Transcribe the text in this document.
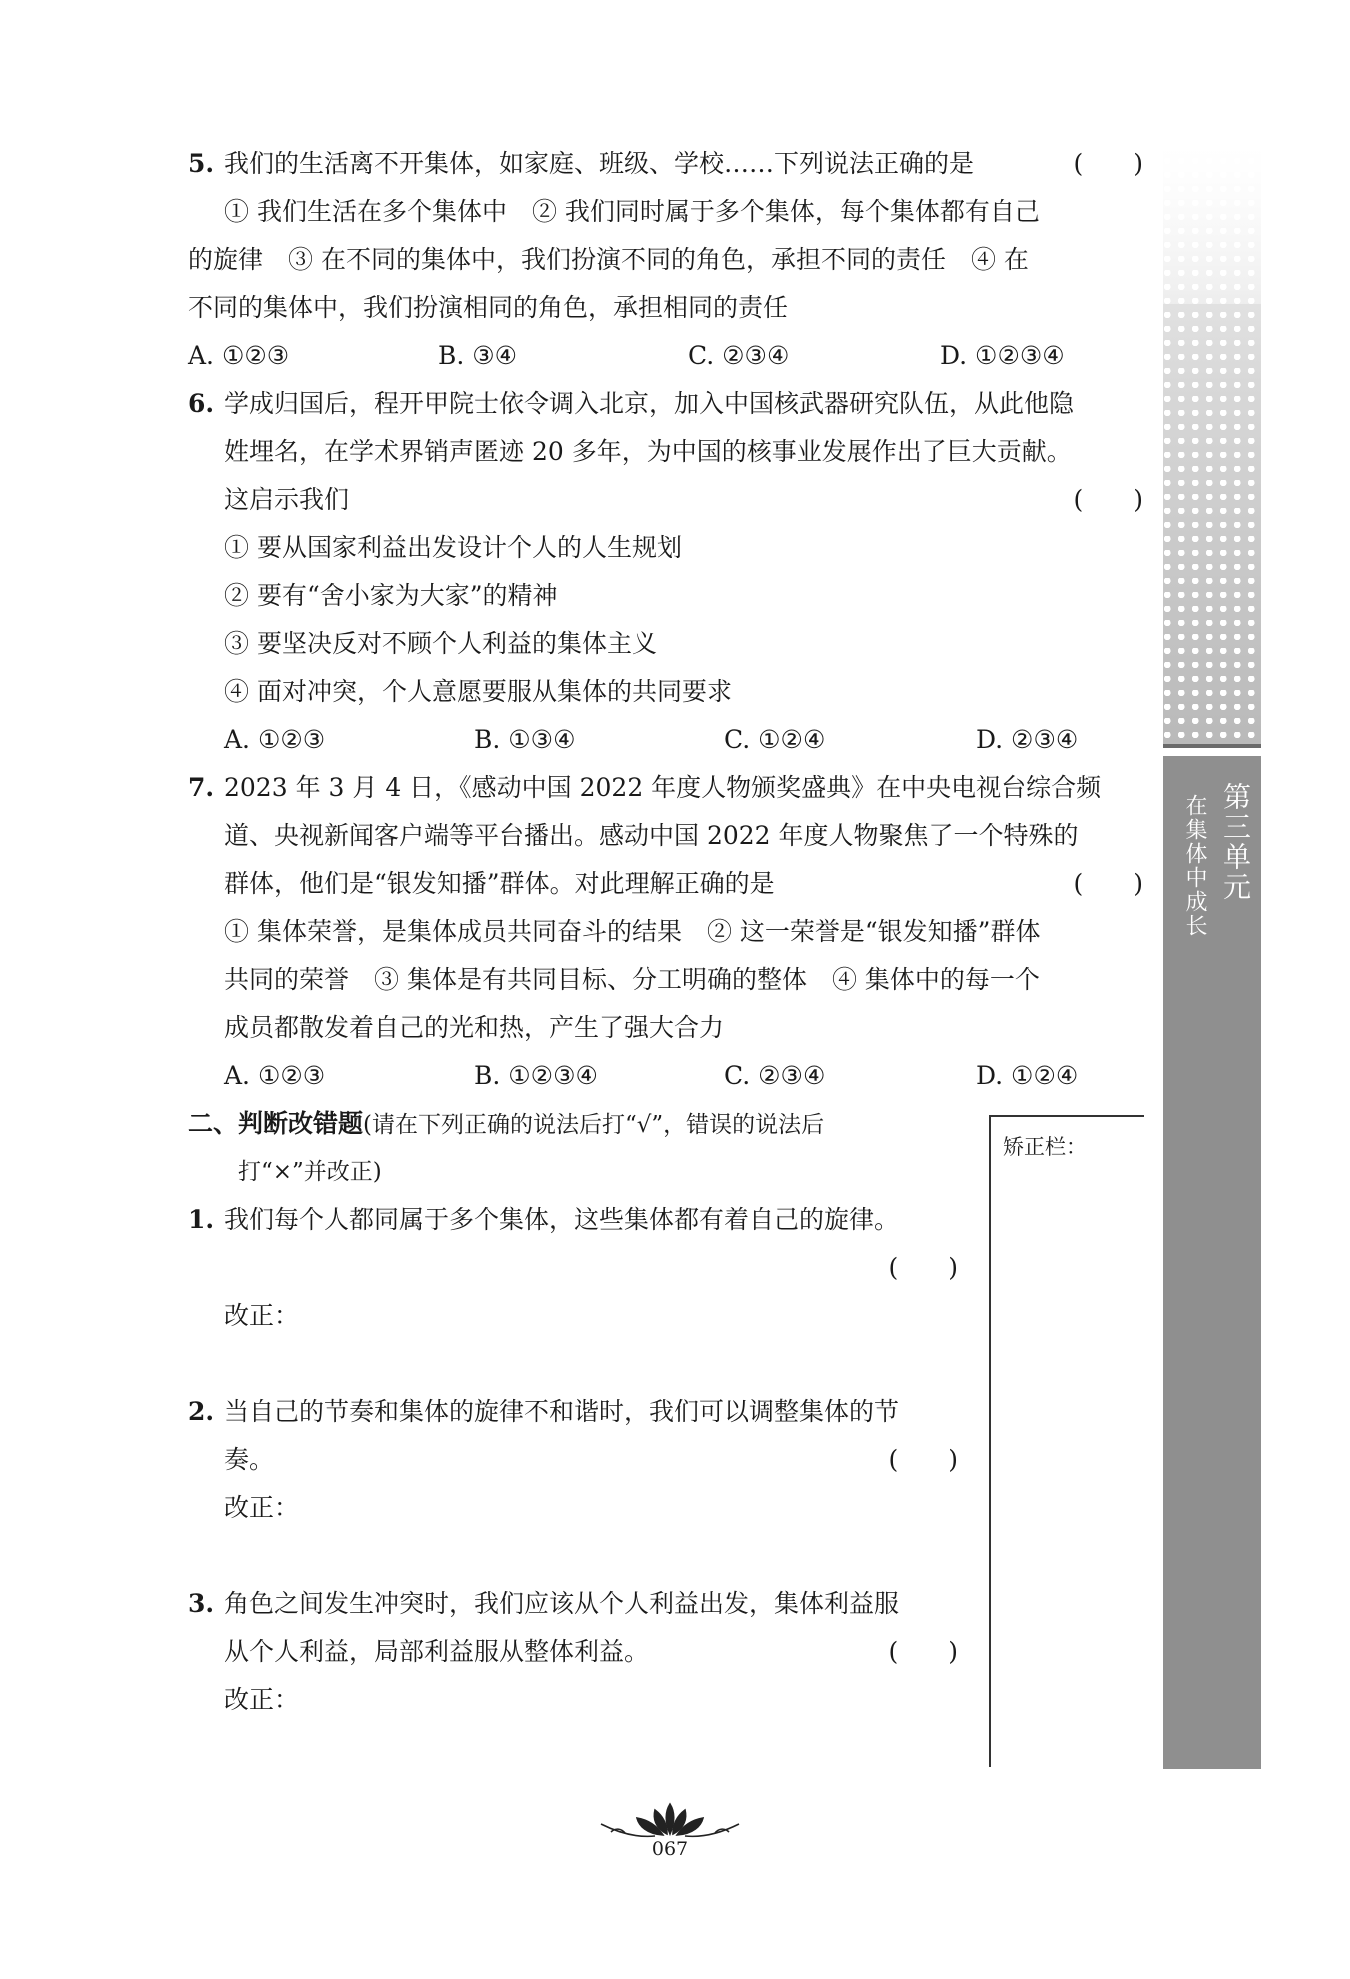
5. 我们的生活离不开集体，如家庭、班级、学校……下列说法正确的是	(　　)
① 我们生活在多个集体中　② 我们同时属于多个集体，每个集体都有自己
的旋律　③ 在不同的集体中，我们扮演不同的角色，承担不同的责任　④ 在
不同的集体中，我们扮演相同的角色，承担相同的责任
A. ①②③	B. ③④	C. ②③④	D. ①②③④
6. 学成归国后，程开甲院士依令调入北京，加入中国核武器研究队伍，从此他隐
姓埋名，在学术界销声匿迹 20 多年，为中国的核事业发展作出了巨大贡献。
这启示我们	(　　)
① 要从国家利益出发设计个人的人生规划
② 要有“舍小家为大家”的精神
③ 要坚决反对不顾个人利益的集体主义
④ 面对冲突，个人意愿要服从集体的共同要求
A. ①②③	B. ①③④	C. ①②④	D. ②③④
7. 2023 年 3 月 4 日，《感动中国 2022 年度人物颁奖盛典》在中央电视台综合频
道、央视新闻客户端等平台播出。感动中国 2022 年度人物聚焦了一个特殊的
群体，他们是“银发知播”群体。对此理解正确的是	(　　)
① 集体荣誉，是集体成员共同奋斗的结果　② 这一荣誉是“银发知播”群体
共同的荣誉　③ 集体是有共同目标、分工明确的整体　④ 集体中的每一个
成员都散发着自己的光和热，产生了强大合力
A. ①②③	B. ①②③④	C. ②③④	D. ①②④
二、判断改错题(请在下列正确的说法后打“√”，错误的说法后
打“×”并改正)
1. 我们每个人都同属于多个集体，这些集体都有着自己的旋律。
(　　)
改正：
2. 当自己的节奏和集体的旋律不和谐时，我们可以调整集体的节
奏。	(　　)
改正：
3. 角色之间发生冲突时，我们应该从个人利益出发，集体利益服
从个人利益，局部利益服从整体利益。	(　　)
改正：
矫正栏：
第三单元
在集体中成长
067
